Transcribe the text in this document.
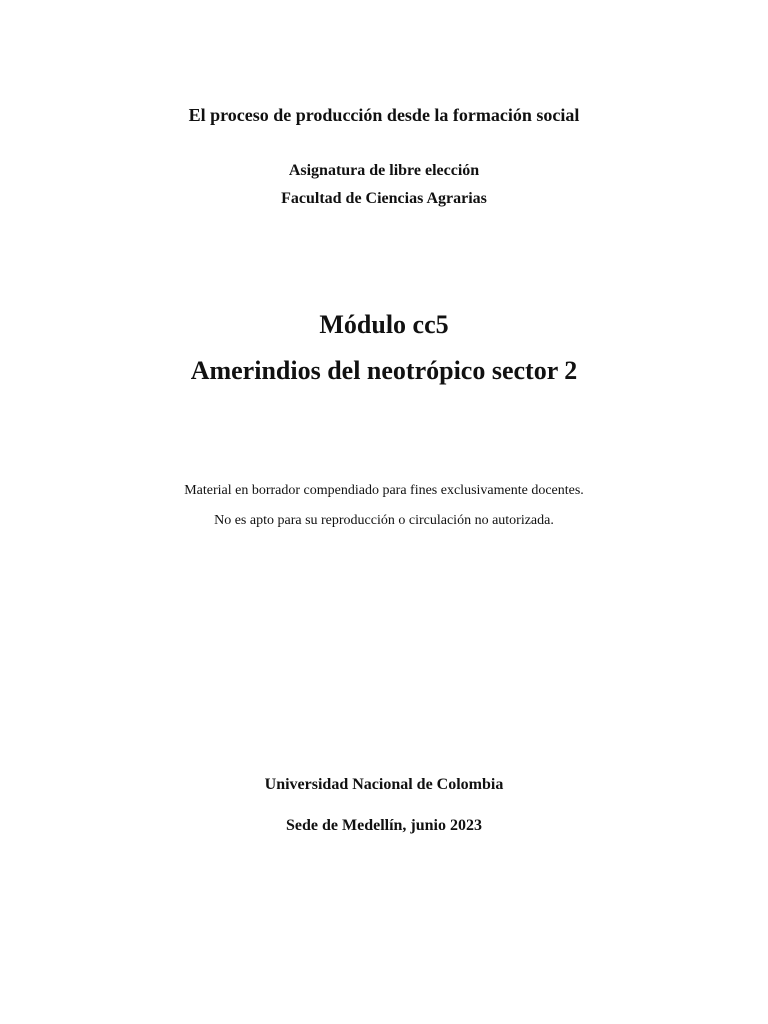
El proceso de producción desde la formación social
Asignatura de libre elección
Facultad de Ciencias Agrarias
Módulo cc5
Amerindios del neotrópico sector 2
Material en borrador compendiado para fines exclusivamente docentes.
No es apto para su reproducción o circulación no autorizada.
Universidad Nacional de Colombia
Sede de Medellín, junio 2023
